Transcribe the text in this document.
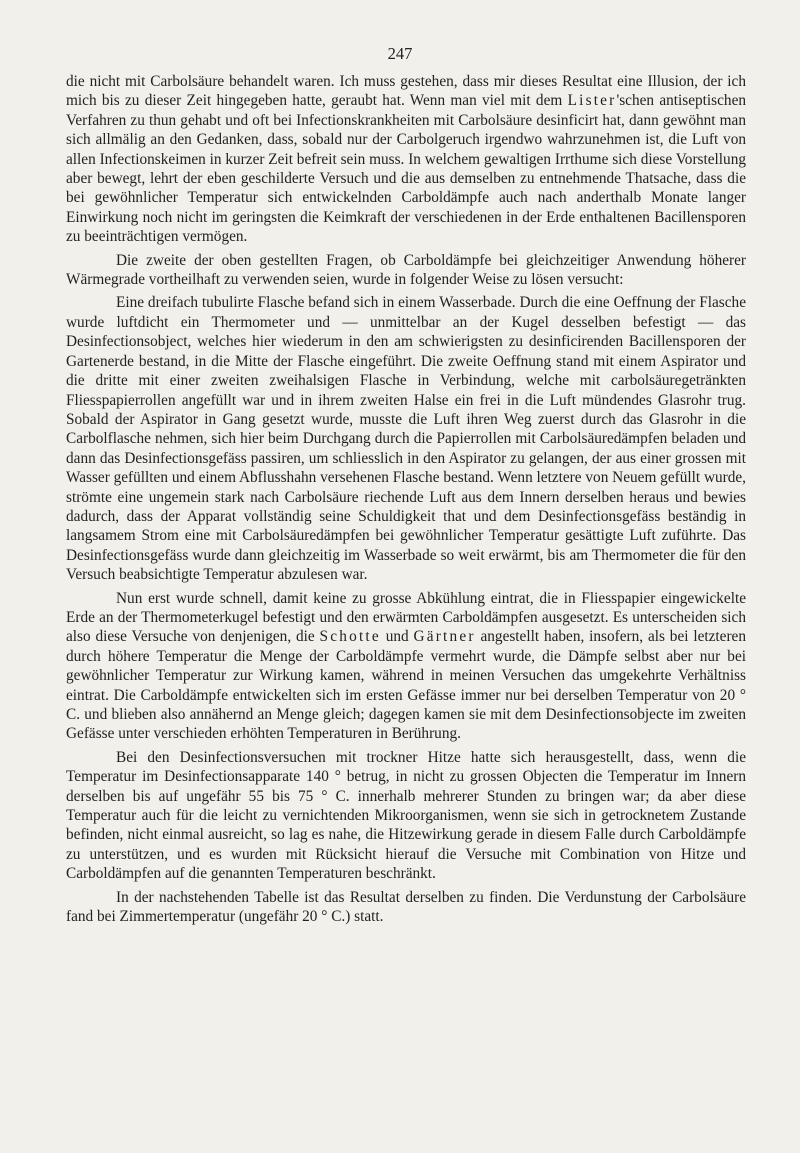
247

die nicht mit Carbolsäure behandelt waren. Ich muss gestehen, dass mir dieses Resultat eine Illusion, der ich mich bis zu dieser Zeit hingegeben hatte, geraubt hat. Wenn man viel mit dem Lister'schen antiseptischen Verfahren zu thun gehabt und oft bei Infectionskrankheiten mit Carbolsäure desinficirt hat, dann gewöhnt man sich allmälig an den Gedanken, dass, sobald nur der Carbolgeruch irgendwo wahrzunehmen ist, die Luft von allen Infectionskeimen in kurzer Zeit befreit sein muss. In welchem gewaltigen Irrthume sich diese Vorstellung aber bewegt, lehrt der eben geschilderte Versuch und die aus demselben zu entnehmende Thatsache, dass die bei gewöhnlicher Temperatur sich entwickelnden Carboldämpfe auch nach anderthalb Monate langer Einwirkung noch nicht im geringsten die Keimkraft der verschiedenen in der Erde enthaltenen Bacillensporen zu beeinträchtigen vermögen.

Die zweite der oben gestellten Fragen, ob Carboldämpfe bei gleichzeitiger Anwendung höherer Wärmegrade vortheilhaft zu verwenden seien, wurde in folgender Weise zu lösen versucht:

Eine dreifach tubulirte Flasche befand sich in einem Wasserbade. Durch die eine Oeffnung der Flasche wurde luftdicht ein Thermometer und — unmittelbar an der Kugel desselben befestigt — das Desinfectionsobject, welches hier wiederum in den am schwierigsten zu desinficirenden Bacillensporen der Gartenerde bestand, in die Mitte der Flasche eingeführt. Die zweite Oeffnung stand mit einem Aspirator und die dritte mit einer zweiten zweihalsigen Flasche in Verbindung, welche mit carbolsäuregetränkten Fliesspapierrollen angefüllt war und in ihrem zweiten Halse ein frei in die Luft mündendes Glasrohr trug. Sobald der Aspirator in Gang gesetzt wurde, musste die Luft ihren Weg zuerst durch das Glasrohr in die Carbolflasche nehmen, sich hier beim Durchgang durch die Papierrollen mit Carbolsäuredämpfen beladen und dann das Desinfectionsgefäss passiren, um schliesslich in den Aspirator zu gelangen, der aus einer grossen mit Wasser gefüllten und einem Abflusshahn versehenen Flasche bestand. Wenn letztere von Neuem gefüllt wurde, strömte eine ungemein stark nach Carbolsäure riechende Luft aus dem Innern derselben heraus und bewies dadurch, dass der Apparat vollständig seine Schuldigkeit that und dem Desinfectionsgefäss beständig in langsamem Strom eine mit Carbolsäuredämpfen bei gewöhnlicher Temperatur gesättigte Luft zuführte. Das Desinfectionsgefäss wurde dann gleichzeitig im Wasserbade so weit erwärmt, bis am Thermometer die für den Versuch beabsichtigte Temperatur abzulesen war.

Nun erst wurde schnell, damit keine zu grosse Abkühlung eintrat, die in Fliesspapier eingewickelte Erde an der Thermometerkugel befestigt und den erwärmten Carboldämpfen ausgesetzt. Es unterscheiden sich also diese Versuche von denjenigen, die Schotte und Gärtner angestellt haben, insofern, als bei letzteren durch höhere Temperatur die Menge der Carboldämpfe vermehrt wurde, die Dämpfe selbst aber nur bei gewöhnlicher Temperatur zur Wirkung kamen, während in meinen Versuchen das umgekehrte Verhältniss eintrat. Die Carboldämpfe entwickelten sich im ersten Gefässe immer nur bei derselben Temperatur von 20 ° C. und blieben also annähernd an Menge gleich; dagegen kamen sie mit dem Desinfectionsobjecte im zweiten Gefässe unter verschieden erhöhten Temperaturen in Berührung.

Bei den Desinfectionsversuchen mit trockner Hitze hatte sich herausgestellt, dass, wenn die Temperatur im Desinfectionsapparate 140 ° betrug, in nicht zu grossen Objecten die Temperatur im Innern derselben bis auf ungefähr 55 bis 75 ° C. innerhalb mehrerer Stunden zu bringen war; da aber diese Temperatur auch für die leicht zu vernichtenden Mikroorganismen, wenn sie sich in getrocknetem Zustande befinden, nicht einmal ausreicht, so lag es nahe, die Hitzewirkung gerade in diesem Falle durch Carboldämpfe zu unterstützen, und es wurden mit Rücksicht hierauf die Versuche mit Combination von Hitze und Carboldämpfen auf die genannten Temperaturen beschränkt.

In der nachstehenden Tabelle ist das Resultat derselben zu finden. Die Verdunstung der Carbolsäure fand bei Zimmertemperatur (ungefähr 20 ° C.) statt.
